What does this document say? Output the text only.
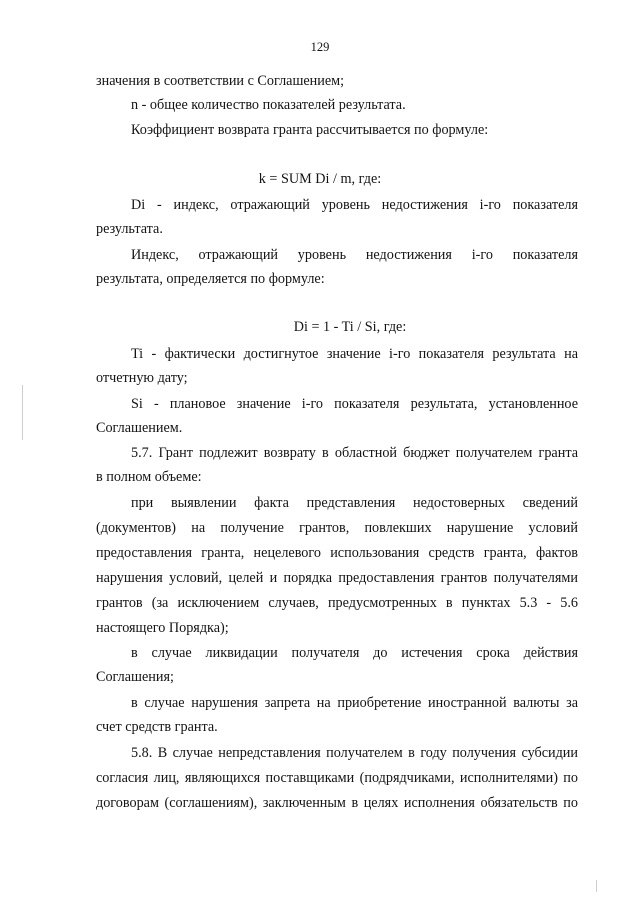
129
значения в соответствии с Соглашением;
n - общее количество показателей результата.
Коэффициент возврата гранта рассчитывается по формуле:
k = SUM Di / m, где:
Di - индекс, отражающий уровень недостижения i-го показателя
результата.
Индекс, отражающий уровень недостижения i-го показателя
результата, определяется по формуле:
Di = 1 - Ti / Si, где:
Ti - фактически достигнутое значение i-го показателя результата на
отчетную дату;
Si - плановое значение i-го показателя результата, установленное
Соглашением.
5.7. Грант подлежит возврату в областной бюджет получателем гранта
в полном объеме:
при выявлении факта представления недостоверных сведений
(документов) на получение грантов, повлекших нарушение условий
предоставления гранта, нецелевого использования средств гранта, фактов
нарушения условий, целей и порядка предоставления грантов получателями
грантов (за исключением случаев, предусмотренных в пунктах 5.3 - 5.6
настоящего Порядка);
в случае ликвидации получателя до истечения срока действия
Соглашения;
в случае нарушения запрета на приобретение иностранной валюты за
счет средств гранта.
5.8. В случае непредставления получателем в году получения субсидии
согласия лиц, являющихся поставщиками (подрядчиками, исполнителями) по
договорам (соглашениям), заключенным в целях исполнения обязательств по
